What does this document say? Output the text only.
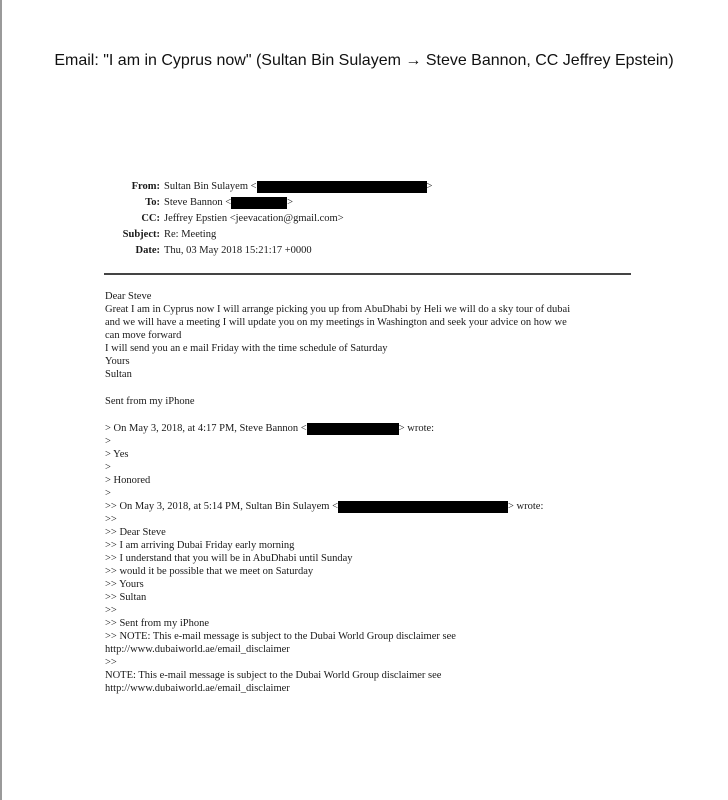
Email: "I am in Cyprus now" (Sultan Bin Sulayem → Steve Bannon, CC Jeffrey Epstein)
From: Sultan Bin Sulayem <	>
To: Steve Bannon <	>
CC: Jeffrey Epstien <jeevacation@gmail.com>
Subject: Re: Meeting
Date: Thu, 03 May 2018 15:21:17 +0000
Dear Steve
Great I am in Cyprus now I will arrange picking you up from AbuDhabi by Heli we will do a sky tour of dubai
and we will have a meeting I will update you on my meetings in Washington and seek your advice on how we
can move forward
I will send you an e mail Friday with the time schedule of Saturday
Yours
Sultan
Sent from my iPhone
> On May 3, 2018, at 4:17 PM, Steve Bannon <	> wrote:
>
> Yes
>
> Honored
>
>> On May 3, 2018, at 5:14 PM, Sultan Bin Sulayem <	> wrote:
>>
>> Dear Steve
>> I am arriving Dubai Friday early morning
>> I understand that you will be in AbuDhabi until Sunday
>> would it be possible that we meet on Saturday
>> Yours
>> Sultan
>>
>> Sent from my iPhone
>> NOTE: This e-mail message is subject to the Dubai World Group disclaimer see
http://www.dubaiworld.ae/email_disclaimer
>>
NOTE: This e-mail message is subject to the Dubai World Group disclaimer see
http://www.dubaiworld.ae/email_disclaimer
